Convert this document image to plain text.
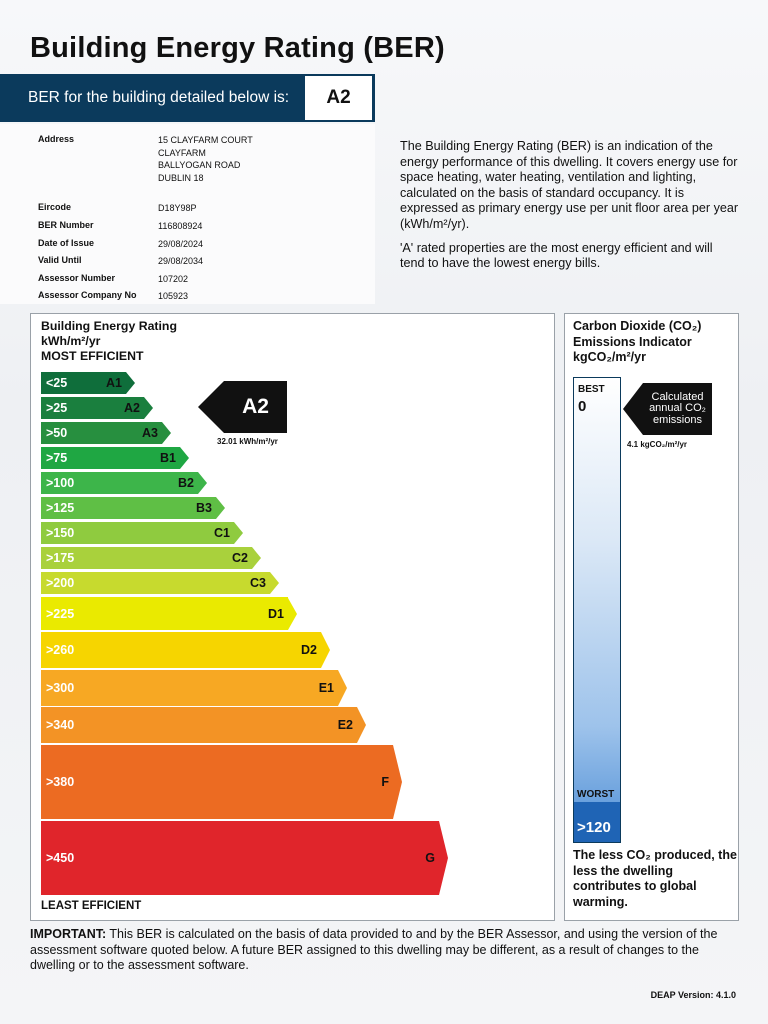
Building Energy Rating (BER)
BER for the building detailed below is:	A2
Address	15 CLAYFARM COURT
CLAYFARM
BALLYOGAN ROAD
DUBLIN 18
Eircode	D18Y98P
BER Number	116808924
Date of Issue	29/08/2024
Valid Until	29/08/2034
Assessor Number	107202
Assessor Company No	105923

The Building Energy Rating (BER) is an indication of the energy performance of this dwelling. It covers energy use for space heating, water heating, ventilation and lighting, calculated on the basis of standard occupancy. It is expressed as primary energy use per unit floor area per year (kWh/m²/yr).

'A' rated properties are the most energy efficient and will tend to have the lowest energy bills.

Building Energy Rating
kWh/m²/yr
MOST EFFICIENT
<25	A1
>25	A2
>50	A3
>75	B1
>100	B2
>125	B3
>150	C1
>175	C2
>200	C3
>225	D1
>260	D2
>300	E1
>340	E2
>380	F
>450	G
A2
32.01 kWh/m²/yr
LEAST EFFICIENT
Carbon Dioxide (CO₂)
Emissions Indicator
kgCO₂/m²/yr
BEST
0
>120
WORST
Calculated annual CO₂ emissions
4.1 kgCO₂/m²/yr
The less CO₂ produced, the less the dwelling contributes to global warming.
IMPORTANT: This BER is calculated on the basis of data provided to and by the BER Assessor, and using the version of the assessment software quoted below. A future BER assigned to this dwelling may be different, as a result of changes to the dwelling or to the assessment software.
DEAP Version: 4.1.0
